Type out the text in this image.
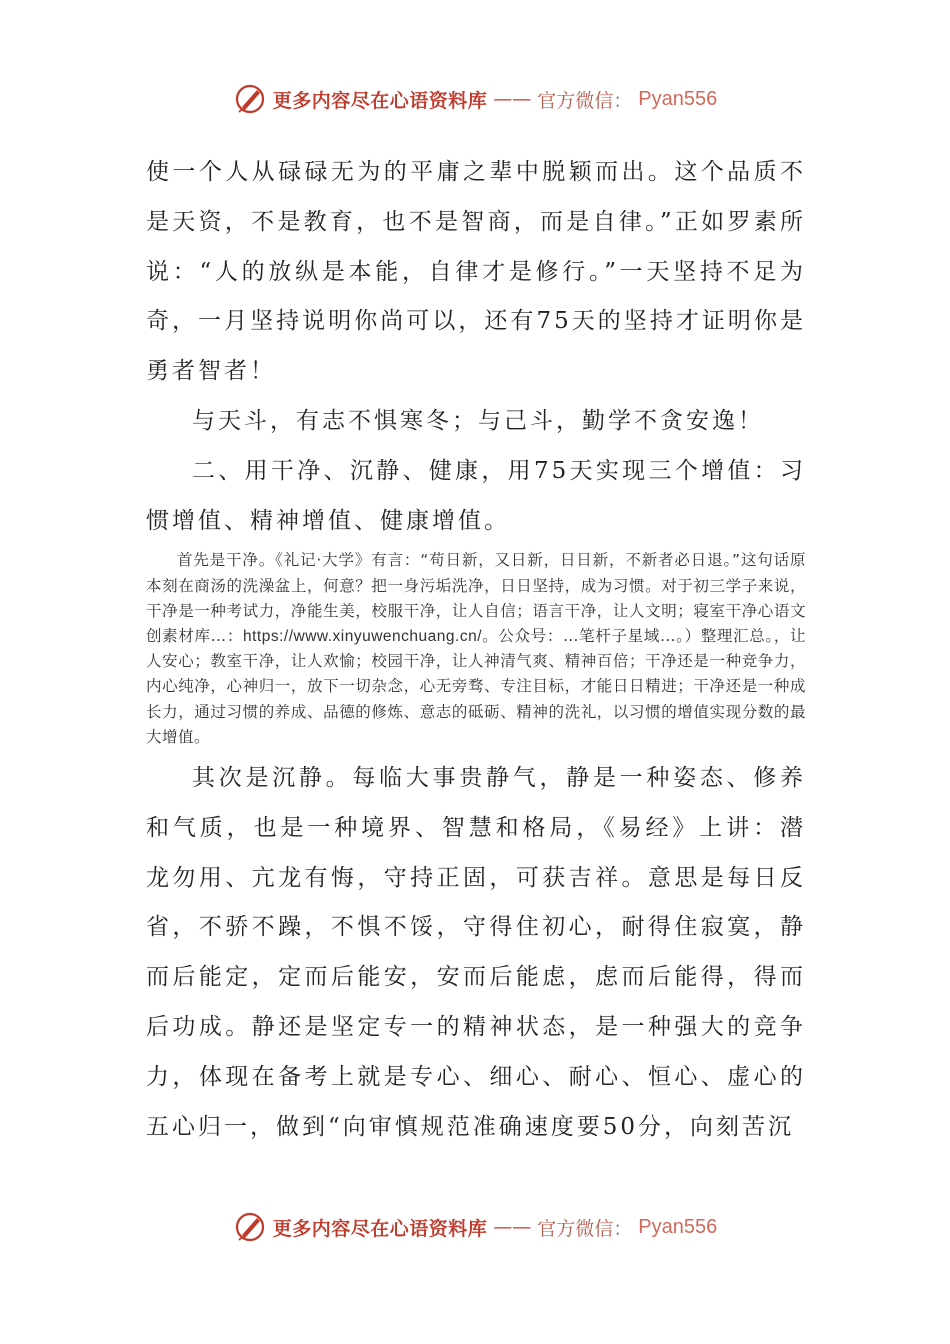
更多内容尽在心语资料库 —— 官方微信： Pyan556

使一个人从碌碌无为的平庸之辈中脱颖而出。这个品质不是天资，不是教育，也不是智商，而是自律。”正如罗素所说：“人的放纵是本能，自律才是修行。”一天坚持不足为奇，一月坚持说明你尚可以，还有75天的坚持才证明你是勇者智者！

与天斗，有志不惧寒冬；与己斗，勤学不贪安逸！

二、用干净、沉静、健康，用75天实现三个增值：习惯增值、精神增值、健康增值。

首先是干净。《礼记·大学》有言：“苟日新，又日新，日日新，不新者必日退。”这句话原本刻在商汤的洗澡盆上，何意？把一身污垢洗净，日日坚持，成为习惯。对于初三学子来说，干净是一种考试力，净能生美，校服干净，让人自信；语言干净，让人文明；寝室干净心语文创素材库…：https://www.xinyuwenchuang.cn/。公众号：…笔杆子星域…。）整理汇总。，让人安心；教室干净，让人欢愉；校园干净，让人神清气爽、精神百倍；干净还是一种竞争力，内心纯净，心神归一，放下一切杂念，心无旁骛、专注目标，才能日日精进；干净还是一种成长力，通过习惯的养成、品德的修炼、意志的砥砺、精神的洗礼，以习惯的增值实现分数的最大增值。

其次是沉静。每临大事贵静气，静是一种姿态、修养和气质，也是一种境界、智慧和格局，《易经》上讲：潜龙勿用、亢龙有悔，守持正固，可获吉祥。意思是每日反省，不骄不躁，不惧不馁，守得住初心，耐得住寂寞，静而后能定，定而后能安，安而后能虑，虑而后能得，得而后功成。静还是坚定专一的精神状态，是一种强大的竞争力，体现在备考上就是专心、细心、耐心、恒心、虚心的五心归一，做到“向审慎规范准确速度要50分，向刻苦沉

更多内容尽在心语资料库 —— 官方微信： Pyan556
